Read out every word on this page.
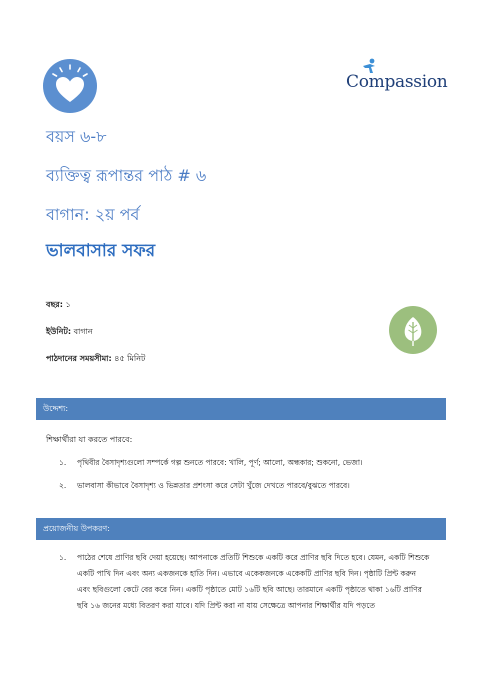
Compassion
বয়স ৬-৮
ব্যক্তিত্ব রূপান্তর পাঠ # ৬
বাগান: ২য় পর্ব
ভালবাসার সফর
বছর: ১
ইউনিট: বাগান
পাঠদানের সময়সীমা: ৪৫ মিনিট
উদ্দেশ্য:
শিক্ষার্থীরা যা করতে পারবে:
১. পৃথিবীর বৈসাদৃশ্যগুলো সম্পর্কে গল্প শুনতে পারবে: খালি, পূর্ণ; আলো, অন্ধকার; শুকনো, ভেজা।
২. ভালবাসা কীভাবে বৈসাদৃশ্য ও ভিন্নতার প্রশংসা করে সেটা খুঁজে দেখতে পারবে/বুঝতে পারবে।
প্রয়োজনীয় উপকরণ:
১. পাঠের শেষে প্রাণির ছবি দেয়া হয়েছে। আপনাকে প্রতিটি শিশুকে একটি করে প্রাণির ছবি দিতে হবে। যেমন, একটি শিশুকে একটি পাখি দিন এবং অন্য একজনকে হাতি দিন। এভাবে একেকজনকে একেকটি প্রাণির ছবি দিন। পৃষ্ঠাটি প্রিন্ট করুন এবং ছবিগুলো কেটে বের করে নিন। একটি পৃষ্ঠাতে মোট ১৬টি ছবি আছে। তারমানে একটি পৃষ্ঠাতে থাকা ১৬টি প্রাণির ছবি ১৬ জনের মধ্যে বিতরণ করা যাবে। যদি প্রিন্ট করা না যায় সেক্ষেত্রে আপনার শিক্ষার্থীর যদি পড়তে
